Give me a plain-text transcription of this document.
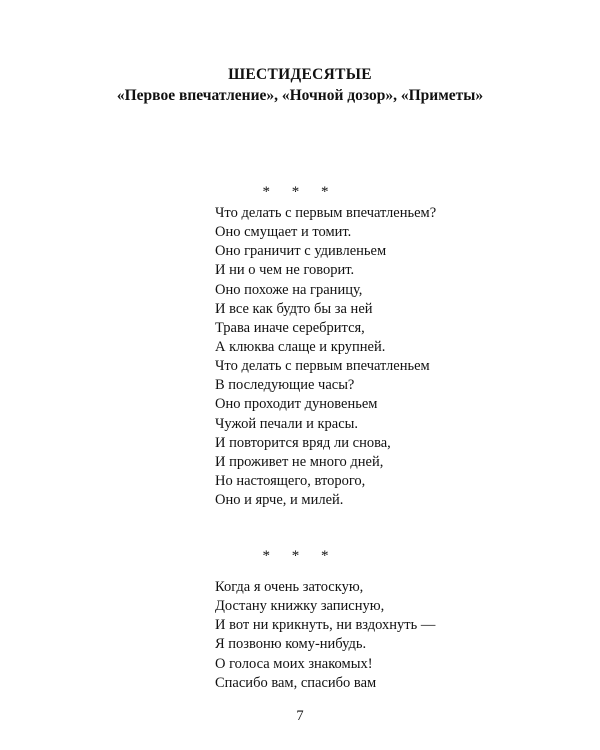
ШЕСТИДЕСЯТЫЕ
«Первое впечатление», «Ночной дозор», «Приметы»
* * *
Что делать с первым впечатленьем?
Оно смущает и томит.
Оно граничит с удивленьем
И ни о чем не говорит.
Оно похоже на границу,
И все как будто бы за ней
Трава иначе серебрится,
А клюква слаще и крупней.
Что делать с первым впечатленьем
В последующие часы?
Оно проходит дуновеньем
Чужой печали и красы.
И повторится вряд ли снова,
И проживет не много дней,
Но настоящего, второго,
Оно и ярче, и милей.
* * *
Когда я очень затоскую,
Достану книжку записную,
И вот ни крикнуть, ни вздохнуть —
Я позвоню кому-нибудь.
О голоса моих знакомых!
Спасибо вам, спасибо вам
7
